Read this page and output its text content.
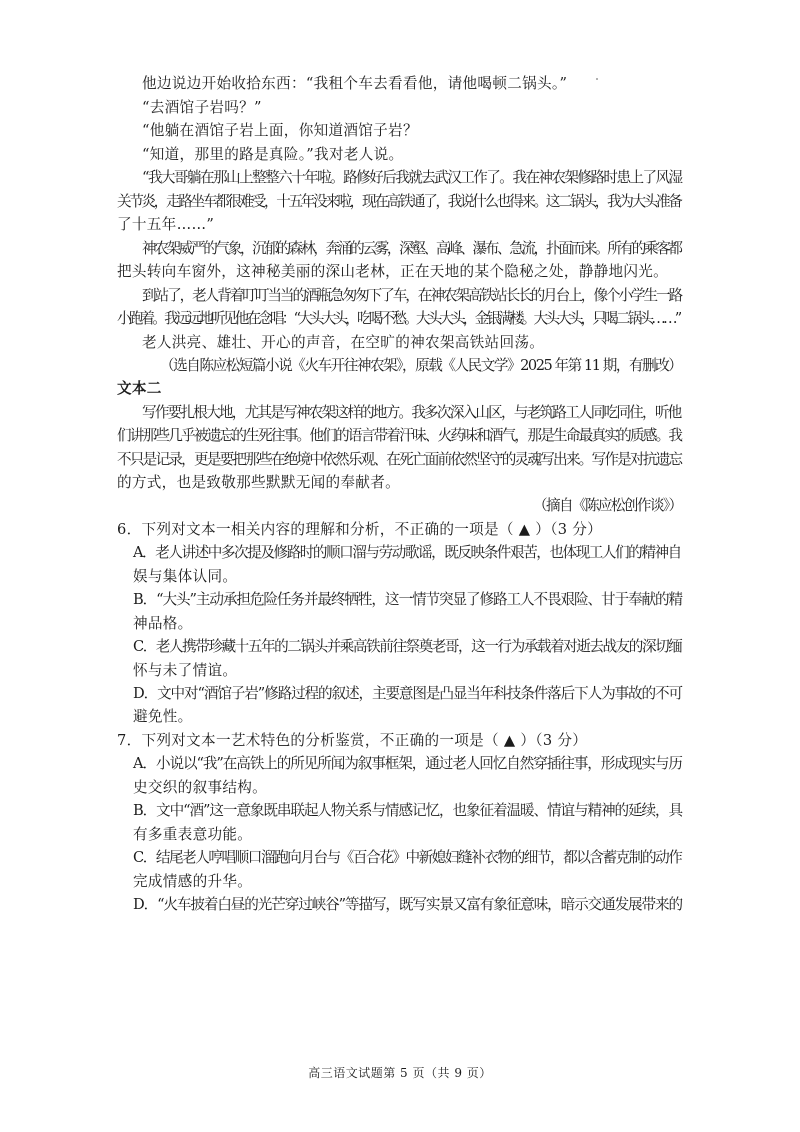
他边说边开始收拾东西：“我租个车去看看他，请他喝顿二锅头。”
“去酒馆子岩吗？”
“他躺在酒馆子岩上面，你知道酒馆子岩？
“知道，那里的路是真险。”我对老人说。
“我大哥躺在那山上整整六十年啦。路修好后我就去武汉工作了。我在神农架修路时患上了风湿
关节炎，走路坐车都很难受，十五年没来啦，现在高铁通了，我说什么也得来。这二锅头，我为大头准备
了十五年……”
神农架威严的气象，沉郁的森林，奔涌的云雾，深壑、高峰、瀑布、急流，扑面而来。所有的乘客都
把头转向车窗外，这神秘美丽的深山老林，正在天地的某个隐秘之处，静静地闪光。
到站了，老人背着叮叮当当的酒瓶急匆匆下了车，在神农架高铁站长长的月台上，像个小学生一路
小跑着。我远远地听见他在念唱：“大头大头，吃喝不愁。大头大头，金银满楼。大头大头，只喝二锅头……”
老人洪亮、雄壮、开心的声音，在空旷的神农架高铁站回荡。
（选自陈应松短篇小说《火车开往神农架》，原载《人民文学》2025 年第 11 期，有删改）
文本二
写作要扎根大地，尤其是写神农架这样的地方。我多次深入山区，与老筑路工人同吃同住，听他
们讲那些几乎被遗忘的生死往事。他们的语言带着汗味、火药味和酒气，那是生命最真实的质感。我
不只是记录，更是要把那些在绝境中依然乐观、在死亡面前依然坚守的灵魂写出来。写作是对抗遗忘
的方式，也是致敬那些默默无闻的奉献者。
（摘自《陈应松创作谈》）
6．下列对文本一相关内容的理解和分析，不正确的一项是（ ▲ ）（3 分）
A．老人讲述中多次提及修路时的顺口溜与劳动歌谣，既反映条件艰苦，也体现工人们的精神自
娱与集体认同。
B．“大头”主动承担危险任务并最终牺牲，这一情节突显了修路工人不畏艰险、甘于奉献的精
神品格。
C．老人携带珍藏十五年的二锅头并乘高铁前往祭奠老哥，这一行为承载着对逝去战友的深切缅
怀与未了情谊。
D．文中对“酒馆子岩”修路过程的叙述，主要意图是凸显当年科技条件落后下人为事故的不可
避免性。
7．下列对文本一艺术特色的分析鉴赏，不正确的一项是（ ▲ ）（3 分）
A．小说以“我”在高铁上的所见所闻为叙事框架，通过老人回忆自然穿插往事，形成现实与历
史交织的叙事结构。
B．文中“酒”这一意象既串联起人物关系与情感记忆，也象征着温暖、情谊与精神的延续，具
有多重表意功能。
C．结尾老人哼唱顺口溜跑向月台与《百合花》中新媳妇缝补衣物的细节，都以含蓄克制的动作
完成情感的升华。
D．“火车披着白昼的光芒穿过峡谷”等描写，既写实景又富有象征意味，暗示交通发展带来的
高三语文试题第 5 页（共 9 页）
